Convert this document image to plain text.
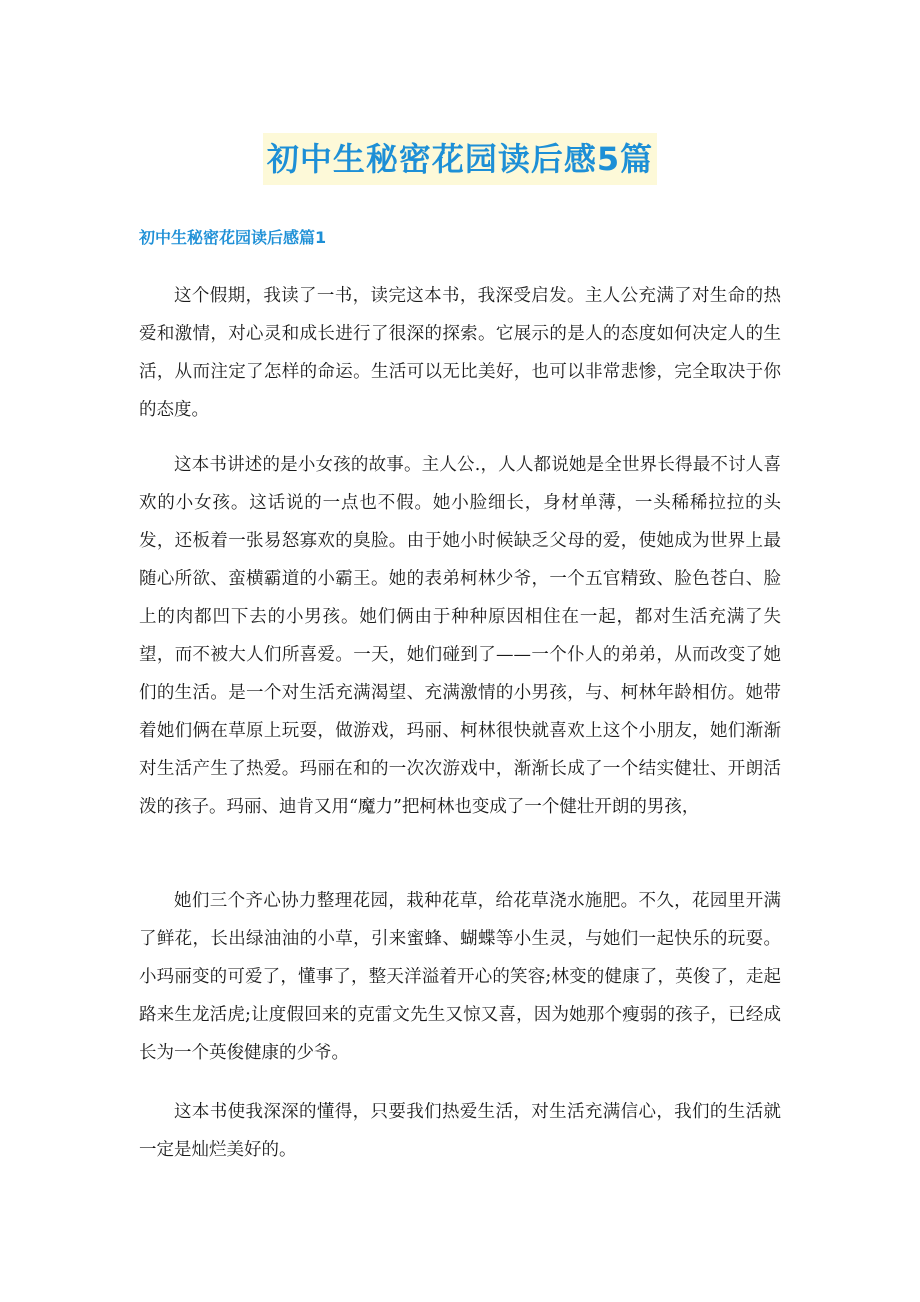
初中生秘密花园读后感5篇
初中生秘密花园读后感篇1

这个假期，我读了一书，读完这本书，我深受启发。主人公充满了对生命的热爱和激情，对心灵和成长进行了很深的探索。它展示的是人的态度如何决定人的生活，从而注定了怎样的命运。生活可以无比美好，也可以非常悲惨，完全取决于你的态度。

这本书讲述的是小女孩的故事。主人公.，人人都说她是全世界长得最不讨人喜欢的小女孩。这话说的一点也不假。她小脸细长，身材单薄，一头稀稀拉拉的头发，还板着一张易怒寡欢的臭脸。由于她小时候缺乏父母的爱，使她成为世界上最随心所欲、蛮横霸道的小霸王。她的表弟柯林少爷，一个五官精致、脸色苍白、脸上的肉都凹下去的小男孩。她们俩由于种种原因相住在一起，都对生活充满了失望，而不被大人们所喜爱。一天，她们碰到了——一个仆人的弟弟，从而改变了她们的生活。是一个对生活充满渴望、充满激情的小男孩，与、柯林年龄相仿。她带着她们俩在草原上玩耍，做游戏，玛丽、柯林很快就喜欢上这个小朋友，她们渐渐对生活产生了热爱。玛丽在和的一次次游戏中，渐渐长成了一个结实健壮、开朗活泼的孩子。玛丽、迪肯又用“魔力”把柯林也变成了一个健壮开朗的男孩，

她们三个齐心协力整理花园，栽种花草，给花草浇水施肥。不久，花园里开满了鲜花，长出绿油油的小草，引来蜜蜂、蝴蝶等小生灵，与她们一起快乐的玩耍。小玛丽变的可爱了，懂事了，整天洋溢着开心的笑容;林变的健康了，英俊了，走起路来生龙活虎;让度假回来的克雷文先生又惊又喜，因为她那个瘦弱的孩子，已经成长为一个英俊健康的少爷。

这本书使我深深的懂得，只要我们热爱生活，对生活充满信心，我们的生活就一定是灿烂美好的。
